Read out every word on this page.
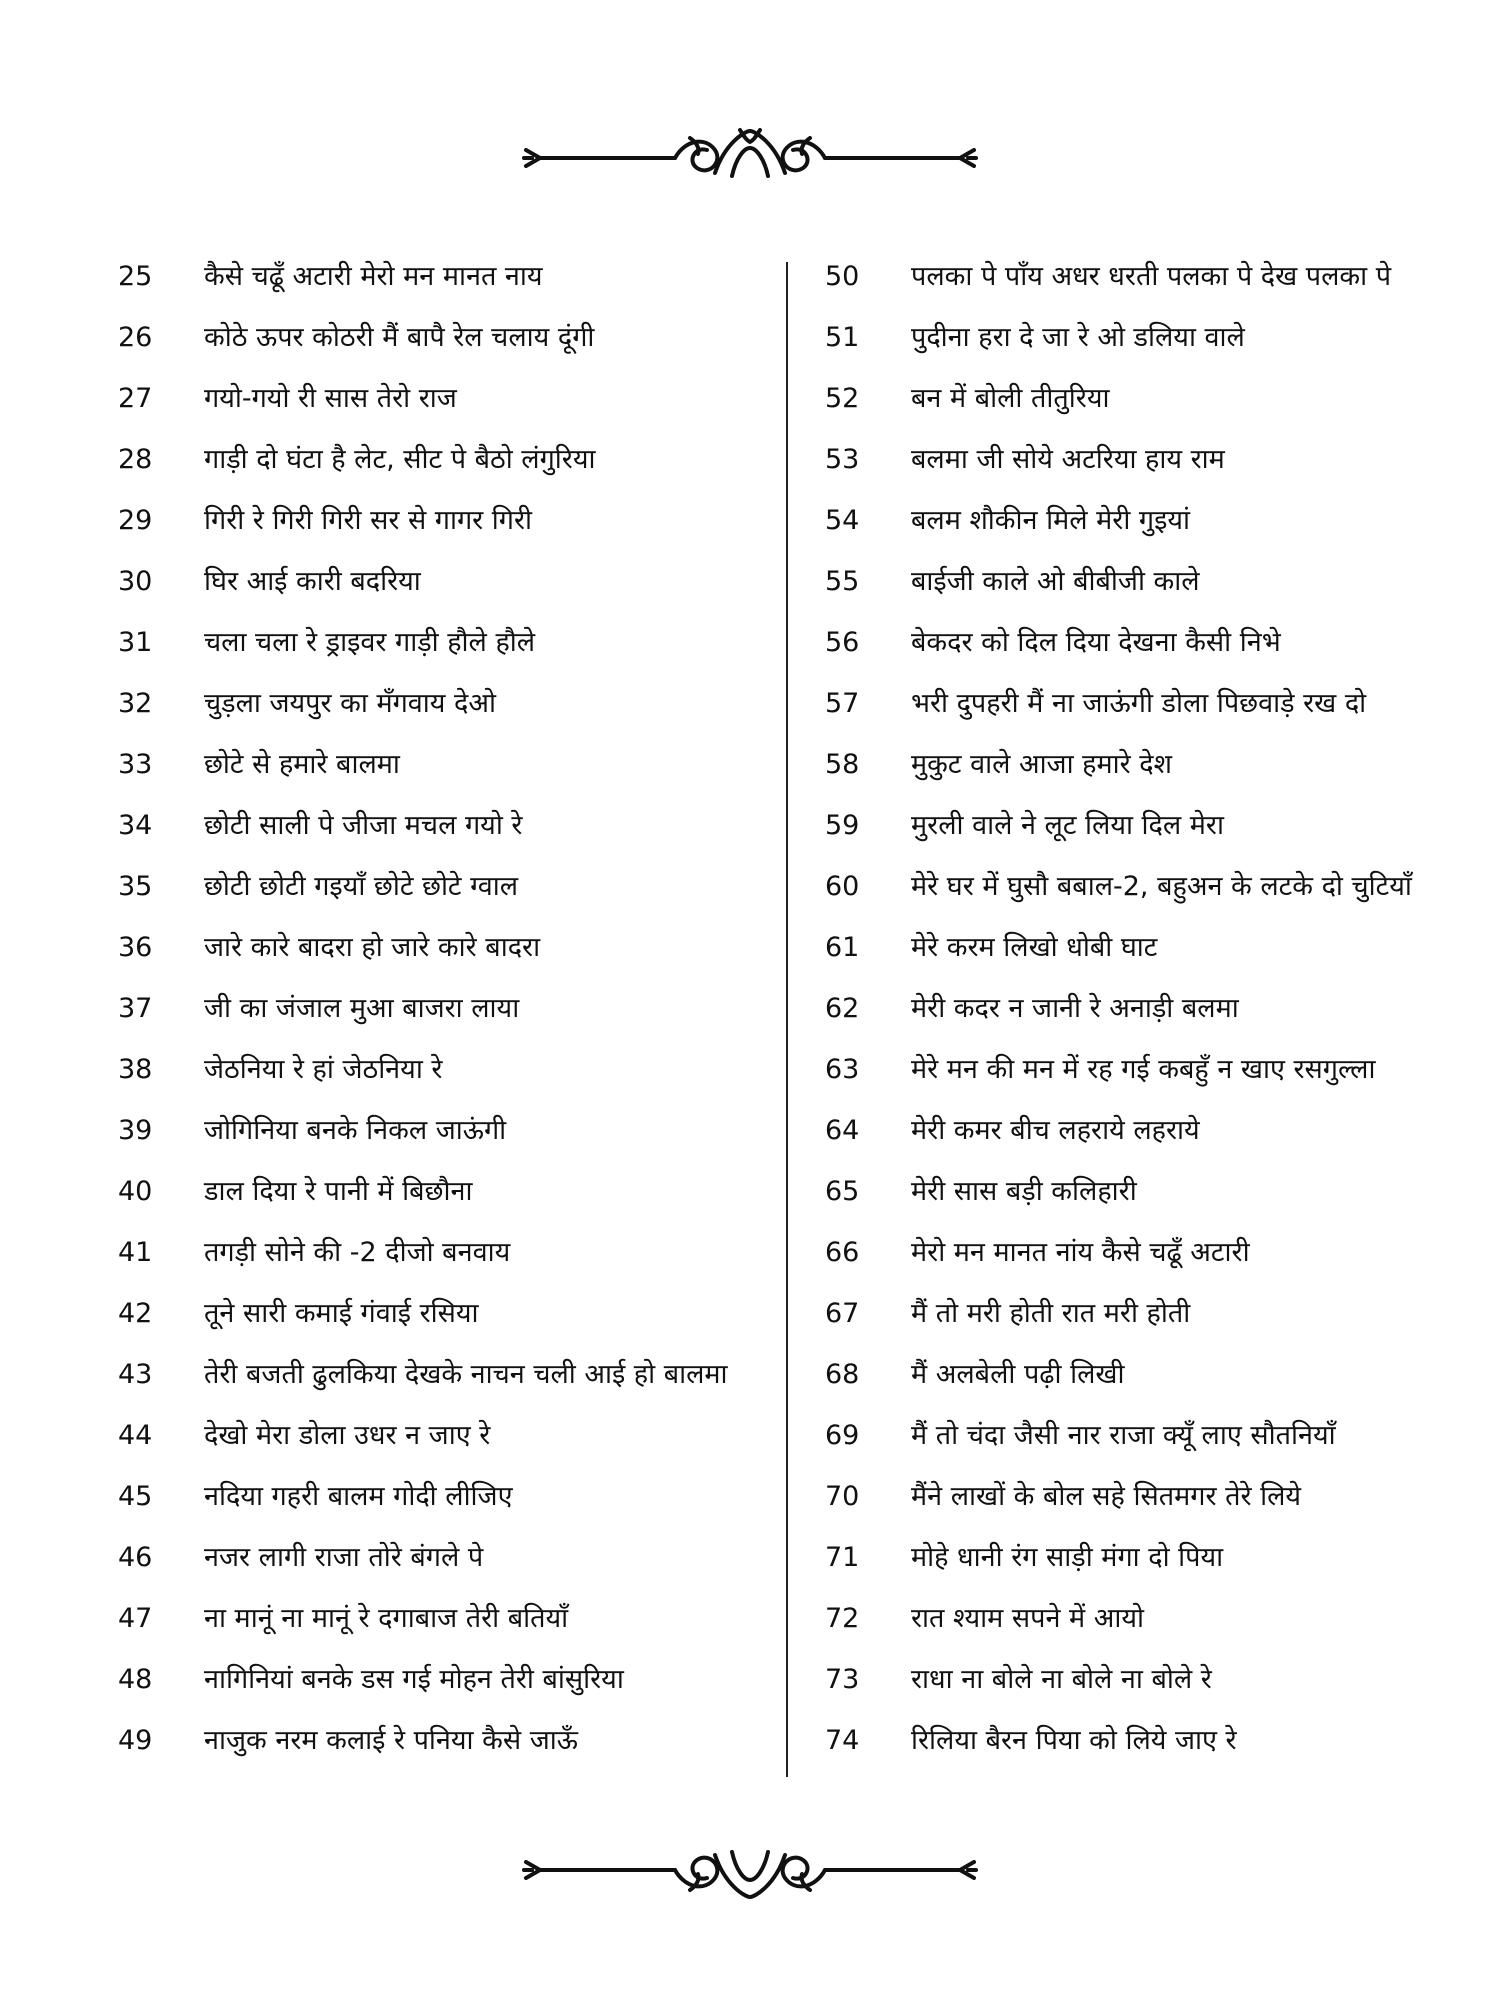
25	कैसे चढूँ अटारी मेरो मन मानत नाय
26	कोठे ऊपर कोठरी मैं बापै रेल चलाय दूंगी
27	गयो-गयो री सास तेरो राज
28	गाड़ी दो घंटा है लेट, सीट पे बैठो लंगुरिया
29	गिरी रे गिरी गिरी सर से गागर गिरी
30	घिर आई कारी बदरिया
31	चला चला रे ड्राइवर गाड़ी हौले हौले
32	चुड़ला जयपुर का मँगवाय देओ
33	छोटे से हमारे बालमा
34	छोटी साली पे जीजा मचल गयो रे
35	छोटी छोटी गइयाँ छोटे छोटे ग्वाल
36	जारे कारे बादरा हो जारे कारे बादरा
37	जी का जंजाल मुआ बाजरा लाया
38	जेठनिया रे हां जेठनिया रे
39	जोगिनिया बनके निकल जाऊंगी
40	डाल दिया रे पानी में बिछौना
41	तगड़ी सोने की -2 दीजो बनवाय
42	तूने सारी कमाई गंवाई रसिया
43	तेरी बजती ढुलकिया देखके नाचन चली आई हो बालमा
44	देखो मेरा डोला उधर न जाए रे
45	नदिया गहरी बालम गोदी लीजिए
46	नजर लागी राजा तोरे बंगले पे
47	ना मानूं ना मानूं रे दगाबाज तेरी बतियाँ
48	नागिनियां बनके डस गई मोहन तेरी बांसुरिया
49	नाजुक नरम कलाई रे पनिया कैसे जाऊँ
50	पलका पे पाँय अधर धरती पलका पे देख पलका पे
51	पुदीना हरा दे जा रे ओ डलिया वाले
52	बन में बोली तीतुरिया
53	बलमा जी सोये अटरिया हाय राम
54	बलम शौकीन मिले मेरी गुइयां
55	बाईजी काले ओ बीबीजी काले
56	बेकदर को दिल दिया देखना कैसी निभे
57	भरी दुपहरी मैं ना जाऊंगी डोला पिछवाड़े रख दो
58	मुकुट वाले आजा हमारे देश
59	मुरली वाले ने लूट लिया दिल मेरा
60	मेरे घर में घुसौ बबाल-2, बहुअन के लटके दो चुटियाँ
61	मेरे करम लिखो धोबी घाट
62	मेरी कदर न जानी रे अनाड़ी बलमा
63	मेरे मन की मन में रह गई कबहुँ न खाए रसगुल्ला
64	मेरी कमर बीच लहराये लहराये
65	मेरी सास बड़ी कलिहारी
66	मेरो मन मानत नांय कैसे चढूँ अटारी
67	मैं तो मरी होती रात मरी होती
68	मैं अलबेली पढ़ी लिखी
69	मैं तो चंदा जैसी नार राजा क्यूँ लाए सौतनियाँ
70	मैंने लाखों के बोल सहे सितमगर तेरे लिये
71	मोहे धानी रंग साड़ी मंगा दो पिया
72	रात श्याम सपने में आयो
73	राधा ना बोले ना बोले ना बोले रे
74	रिलिया बैरन पिया को लिये जाए रे
